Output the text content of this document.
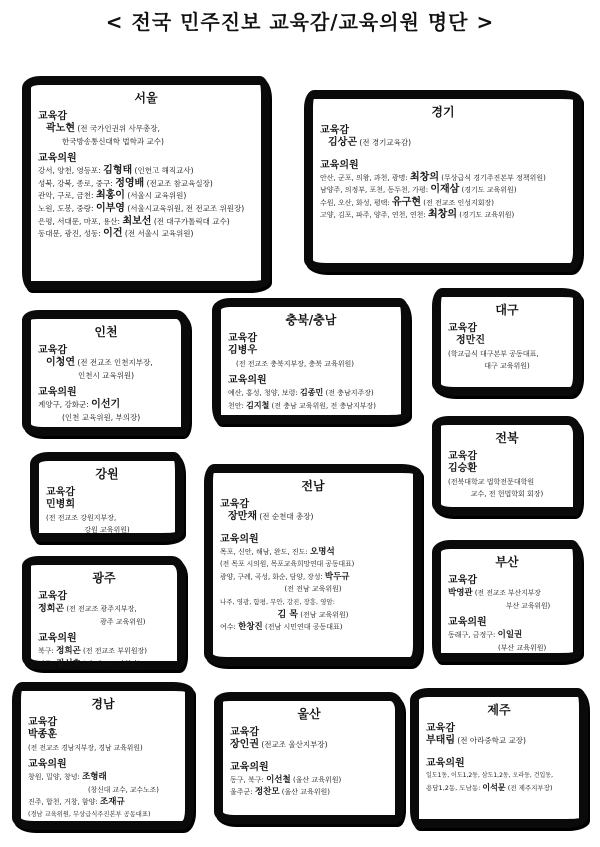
< 전국 민주진보 교육감/교육의원 명단 >
서울
교육감
곽노현 (전 국가인권위 사무총장,
한국방송통신대학 법학과 교수)
교육의원
강서, 양천, 영등포: 김형태 (인헌고 해직교사)
성북, 강북, 종로, 중구: 정영배 (전교조 참교육실장)
관악, 구로, 금천: 최홍이 (서울시 교육위원)
노원, 도봉, 중랑: 이부영 (서울시교육위원, 전 전교조 위원장)
은평, 서대문, 마포, 용산: 최보선 (전 대구가톨릭대 교수)
동대문, 광진, 성동: 이건 (전 서울시 교육위원)
경기
교육감
김상곤 (전 경기교육감)
교육의원
안산, 군포, 의왕, 과천, 광명: 최창의 (무상급식 경기주진본부 정책위원)
남양주, 의정부, 포천, 동두천, 가평: 이재삼 (경기도 교육위원)
수원, 오산, 화성, 평택: 유구현 (전 전교조 인성지회장)
고양, 김포, 파주, 양주, 연천, 연천: 최창의 (경기도 교육위원)
인천
교육감
이청연 (전 전교조 인천지부장,
인천시 교육위원)
교육의원
계양구, 강화군: 이선기
(인천 교육위원, 부의장)
충북/충남
교육감
김병우
(전 전교조 충북지부장, 충북 교육위원)
교육의원
예산, 홍성, 청양, 보령: 김종민 (전 충남지주장)
천안: 김지철 (전 충남 교육위원, 전 충남지부장)
대구
교육감
정만진
(학교급식 대구본부 공동대표,
대구 교육위원)
전북
교육감
김승환
(전북대학교 법학전문대학원
교수, 전 헌법학회 회장)
강원
교육감
민병희
(전 전교조 강원지부장,
강원 교육위원)
전남
교육감
장만채 (전 순천대 총장)
교육의원
목포, 신안, 해남, 완도, 진도: 오명석
(전 목포 시의원, 목포교육희망연대 공동대표)
광양, 구례, 곡성, 화순, 담양, 장성: 박두규
(전 전남 교육위원)
나주, 영광, 함평, 무안, 강진, 장흥, 영암:
김 목 (전남 교육위원)
여수: 한창진 (전남 시민연대 공동대표)
광주
교육감
정희곤 (전 전교조 광주지부장,
광주 교육위원)
교육의원
북구: 정희곤 (전 전교조 부위원장)
서구: 김선호 (전 전교조 지회장)
부산
교육감
박영관 (전 전교조 부산지부장
부산 교육위원)
교육의원
동래구, 금정구: 이일권
(부산 교육위원)
경남
교육감
박종훈
(전 전교조 경남지부장, 경남 교육위원)
교육의원
창원, 밀양, 창녕: 조형래
(창신대 교수, 교수노조)
진주, 합천, 거창, 함양: 조재규
(경남 교육위원, 무상급식주진본부 공동대표)
울산
교육감
장인권 (전교조 울산지부장)
교육의원
동구, 북구: 이선철 (울산 교육위원)
울주군: 정찬모 (울산 교육위원)
제주
교육감
부태림 (전 아라중학교 교장)
교육의원
일도1동, 이도1,2동, 삼도1,2동, 오라동, 건입동,
용담1,2동, 도남동: 이석문 (전 제주지부장)
